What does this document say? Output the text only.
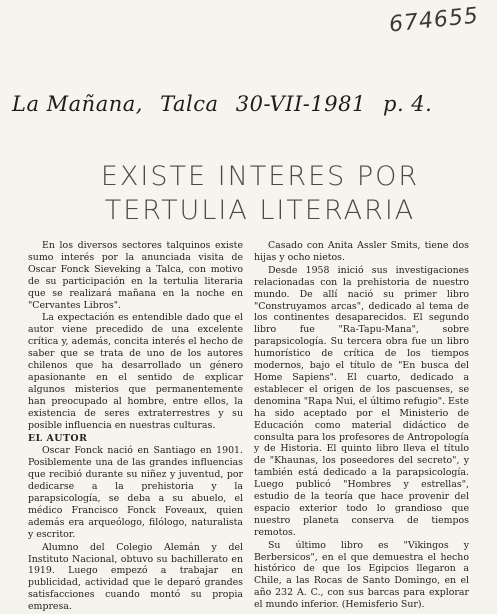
674655
La Mañana, Talca 30-VII-1981 p. 4.
EXISTE INTERES POR
TERTULIA LITERARIA

En los diversos sectores talquinos existe sumo interés por la anunciada visita de Oscar Fonck Sieveking a Talca, con motivo de su participación en la tertulia literaria que se realizará mañana en la noche en "Cervantes Libros".

La expectación es entendible dado que el autor viene precedido de una excelente crítica y, además, concita interés el hecho de saber que se trata de uno de los autores chilenos que ha desarrollado un género apasionante en el sentido de explicar algunos misterios que permanentemente han preocupado al hombre, entre ellos, la existencia de seres extraterrestres y su posible influencia en nuestras culturas.

EL AUTOR

Oscar Fonck nació en Santiago en 1901. Posiblemente una de las grandes influencias que recibió durante su niñez y juventud, por dedicarse a la prehistoria y la parapsicología, se deba a su abuelo, el médico Francisco Fonck Foveaux, quien además era arqueólogo, filólogo, naturalista y escritor.

Alumno del Colegio Alemán y del Instituto Nacional, obtuvo su bachillerato en 1919. Luego empezó a trabajar en publicidad, actividad que le deparó grandes satisfacciones cuando montó su propia empresa.

Casado con Anita Assler Smits, tiene dos hijas y ocho nietos.

Desde 1958 inició sus investigaciones relacionadas con la prehistoria de nuestro mundo. De allí nació su primer libro "Construyamos arcas", dedicado al tema de los continentes desaparecidos. El segundo libro fue "Ra-Tapu-Mana", sobre parapsicología. Su tercera obra fue un libro humorístico de crítica de los tiempos modernos, bajo el título de "En busca del Home Sapiens". El cuarto, dedicado a establecer el origen de los pascuenses, se denomina "Rapa Nui, el último refugio". Este ha sido aceptado por el Ministerio de Educación como material didáctico de consulta para los profesores de Antropología y de Historia. El quinto libro lleva el título de "Khaunas, los poseedores del secreto", y también está dedicado a la parapsicología. Luego publicó "Hombres y estrellas", estudio de la teoría que hace provenir del espacio exterior todo lo grandioso que nuestro planeta conserva de tiempos remotos.

Su último libro es "Vikingos y Berbersicos", en el que demuestra el hecho histórico de que los Egipcios llegaron a Chile, a las Rocas de Santo Domingo, en el año 232 A. C., con sus barcas para explorar el mundo inferior. (Hemisferio Sur).
